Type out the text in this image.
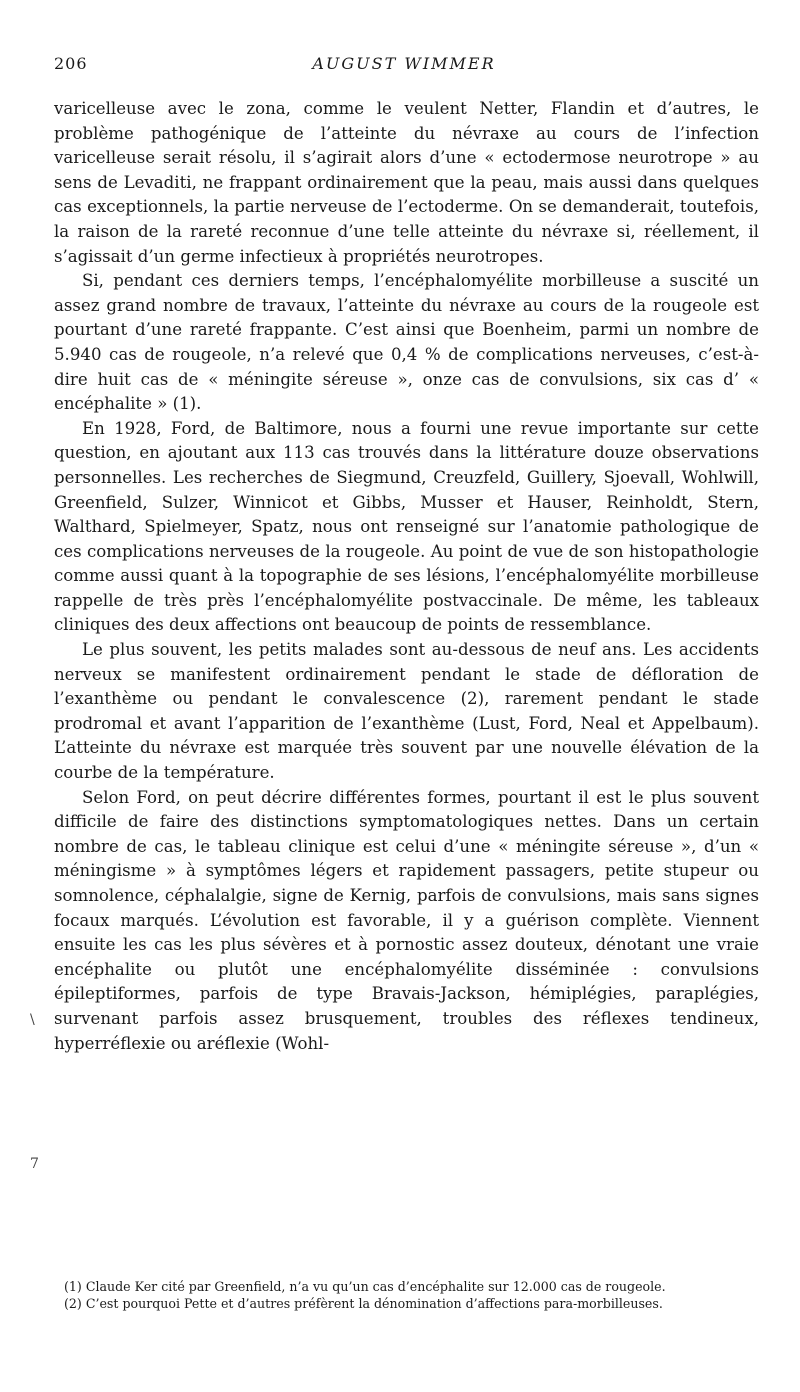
206	AUGUST WIMMER

varicelleuse avec le zona, comme le veulent Netter, Flandin et d’autres, le problème pathogénique de l’atteinte du névraxe au cours de l’infection varicelleuse serait résolu, il s’agirait alors d’une « ectodermose neurotrope » au sens de Levaditi, ne frappant ordinairement que la peau, mais aussi dans quelques cas exceptionnels, la partie nerveuse de l’ectoderme. On se demanderait, toutefois, la raison de la rareté reconnue d’une telle atteinte du névraxe si, réellement, il s’agissait d’un germe infectieux à propriétés neurotropes.

Si, pendant ces derniers temps, l’encéphalomyélite morbilleuse a suscité un assez grand nombre de travaux, l’atteinte du névraxe au cours de la rougeole est pourtant d’une rareté frappante. C’est ainsi que Boenheim, parmi un nombre de 5.940 cas de rougeole, n’a relevé que 0,4 % de complications nerveuses, c’est-à-dire huit cas de « méningite séreuse », onze cas de convulsions, six cas d’ « encéphalite » (1).

En 1928, Ford, de Baltimore, nous a fourni une revue importante sur cette question, en ajoutant aux 113 cas trouvés dans la littérature douze observations personnelles. Les recherches de Siegmund, Creuzfeld, Guillery, Sjoevall, Wohlwill, Greenfield, Sulzer, Winnicot et Gibbs, Musser et Hauser, Reinholdt, Stern, Walthard, Spielmeyer, Spatz, nous ont renseigné sur l’anatomie pathologique de ces complications nerveuses de la rougeole. Au point de vue de son histopathologie comme aussi quant à la topographie de ses lésions, l’encéphalomyélite morbilleuse rappelle de très près l’encéphalomyélite postvaccinale. De même, les tableaux cliniques des deux affections ont beaucoup de points de ressemblance.

Le plus souvent, les petits malades sont au-dessous de neuf ans. Les accidents nerveux se manifestent ordinairement pendant le stade de défloration de l’exanthème ou pendant le convalescence (2), rarement pendant le stade prodromal et avant l’apparition de l’exanthème (Lust, Ford, Neal et Appelbaum). L’atteinte du névraxe est marquée très souvent par une nouvelle élévation de la courbe de la température.

Selon Ford, on peut décrire différentes formes, pourtant il est le plus souvent difficile de faire des distinctions symptomatologiques nettes. Dans un certain nombre de cas, le tableau clinique est celui d’une « méningite séreuse », d’un « méningisme » à symptômes légers et rapidement passagers, petite stupeur ou somnolence, céphalalgie, signe de Kernig, parfois de convulsions, mais sans signes focaux marqués. L’évolution est favorable, il y a guérison complète. Viennent ensuite les cas les plus sévères et à pornostic assez douteux, dénotant une vraie encéphalite ou plutôt une encéphalomyélite disséminée : convulsions épileptiformes, parfois de type Bravais-Jackson, hémiplégies, paraplégies, survenant parfois assez brusquement, troubles des réflexes tendineux, hyperréflexie ou aréflexie (Wohl-

\
7

(1) Claude Ker cité par Greenfield, n’a vu qu’un cas d’encéphalite sur 12.000 cas de rougeole.

(2) C’est pourquoi Pette et d’autres préfèrent la dénomination d’affections para-morbilleuses.
